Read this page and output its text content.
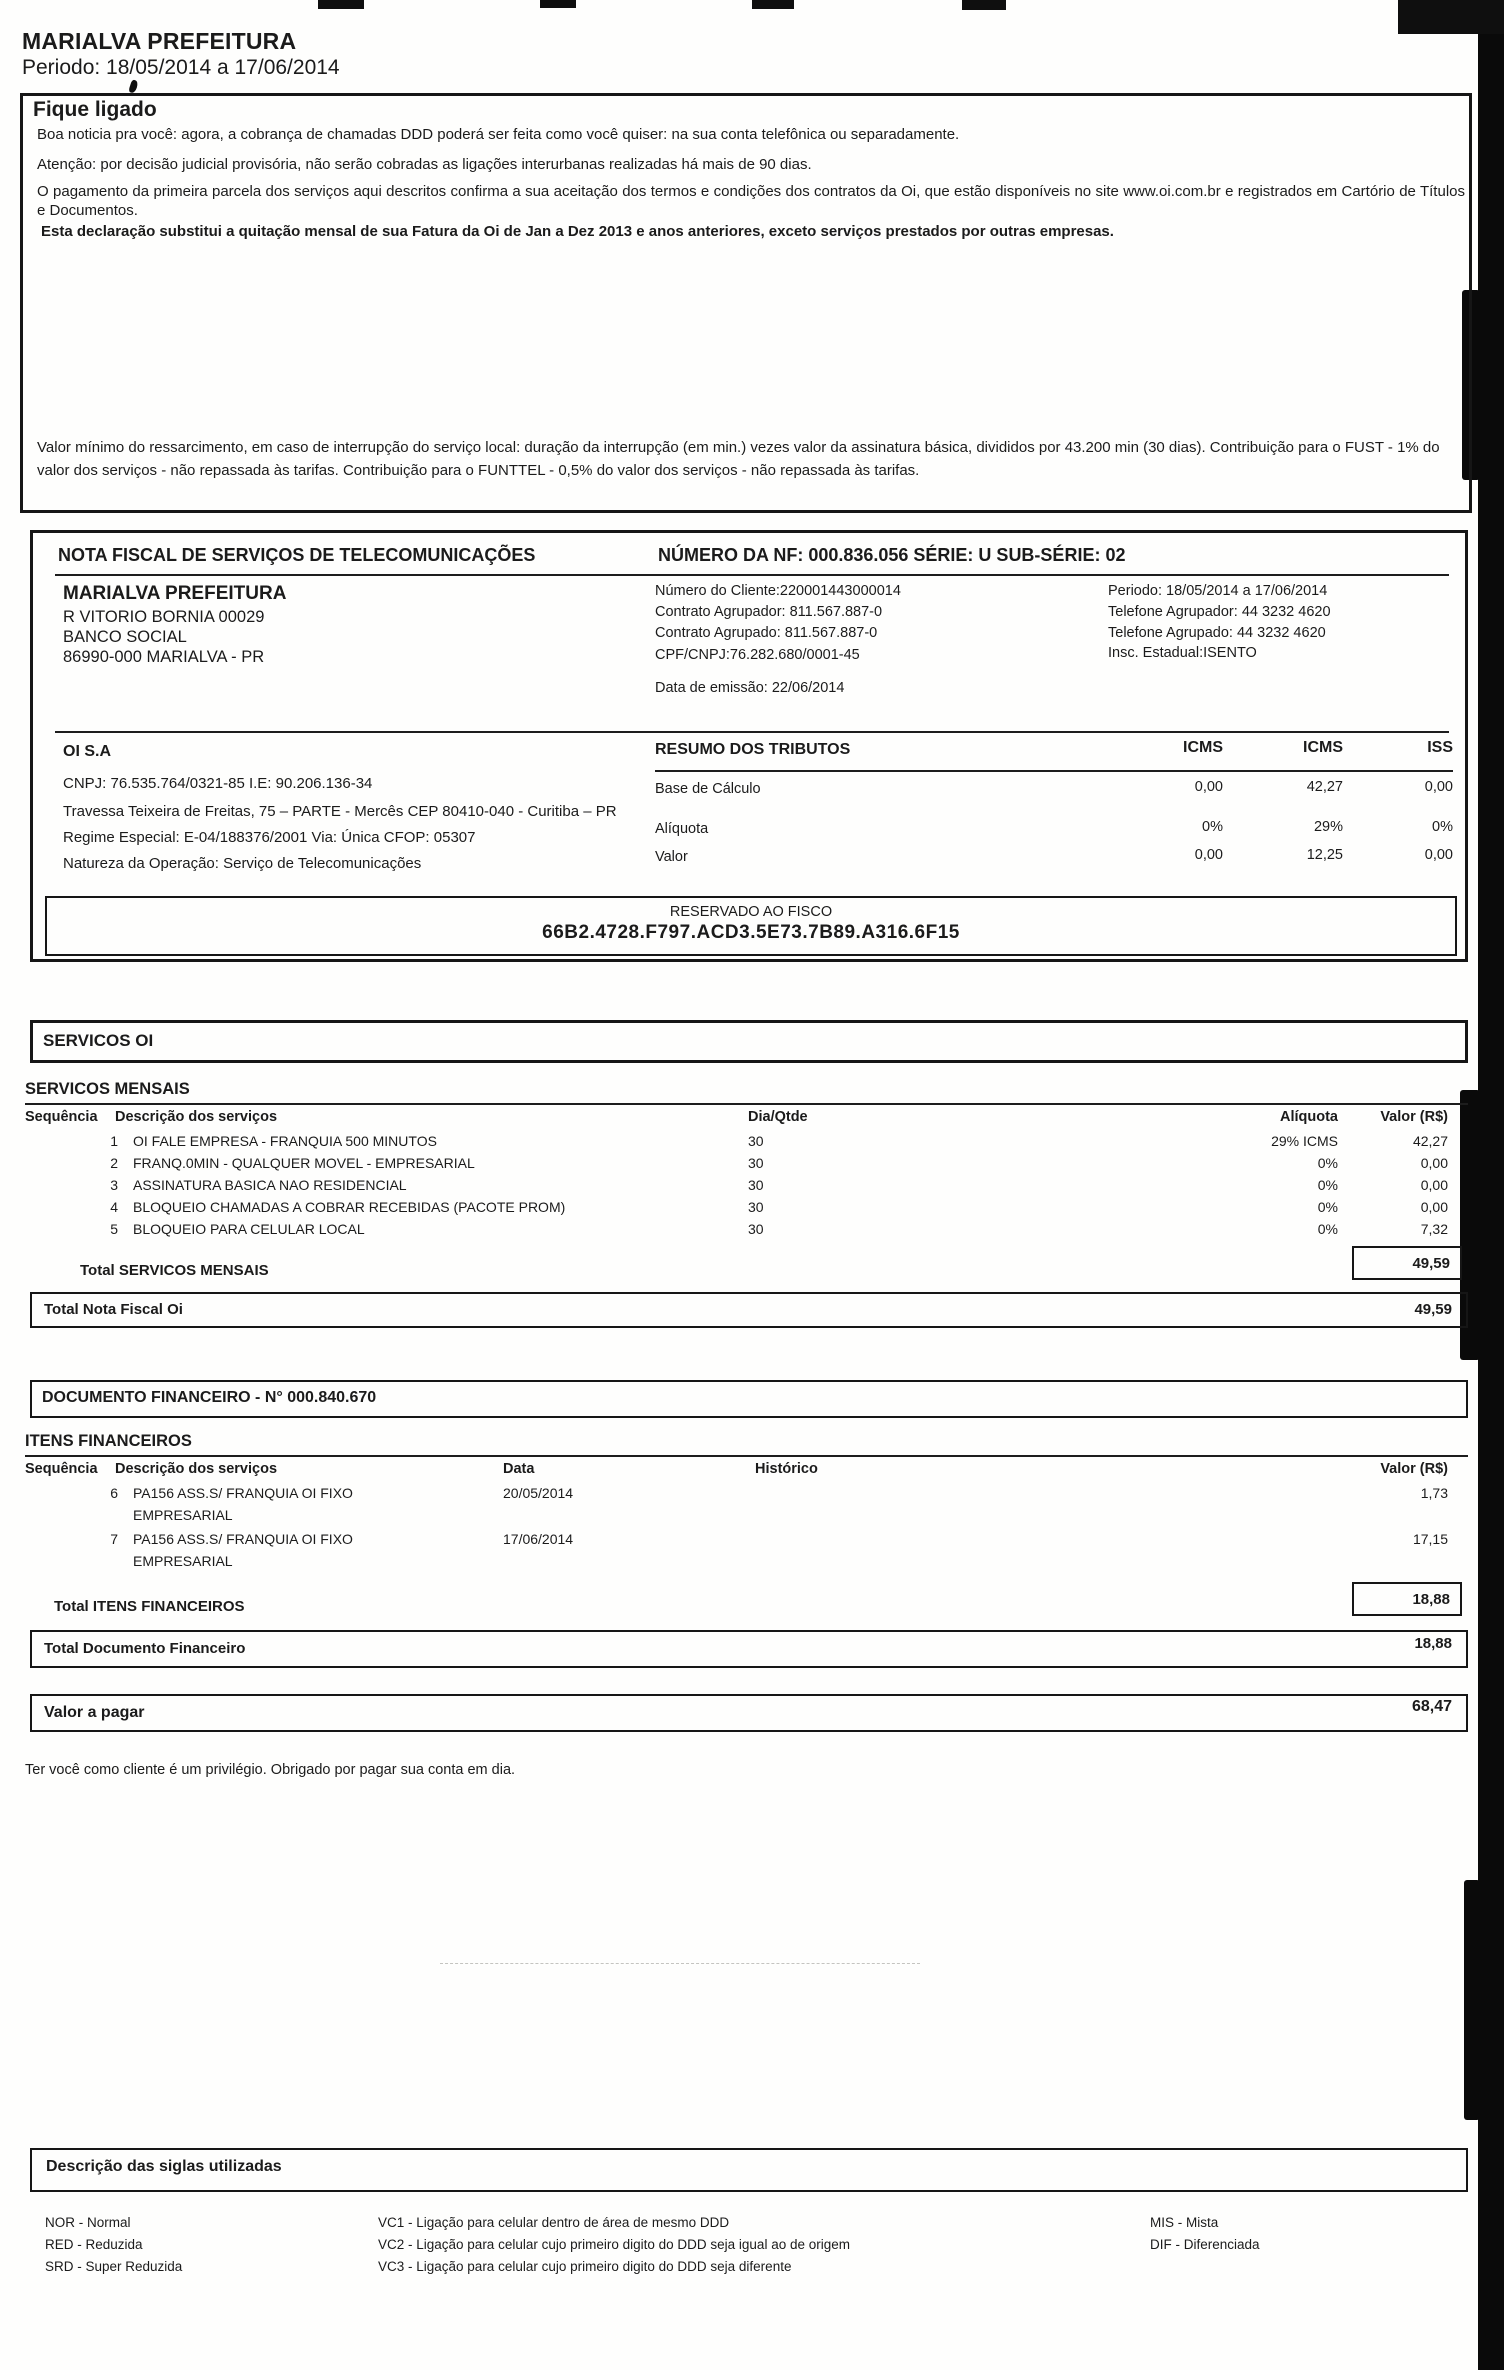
MARIALVA PREFEITURA
Periodo: 18/05/2014 a 17/06/2014
Fique ligado
Boa noticia pra você: agora, a cobrança de chamadas DDD poderá ser feita como você quiser: na sua conta telefônica ou separadamente.
Atenção: por decisão judicial provisória, não serão cobradas as ligações interurbanas realizadas há mais de 90 dias.
O pagamento da primeira parcela dos serviços aqui descritos confirma a sua aceitação dos termos e condições dos contratos da Oi, que estão disponíveis no site www.oi.com.br e registrados em Cartório de Títulos e Documentos.
Esta declaração substitui a quitação mensal de sua Fatura da Oi de Jan a Dez 2013 e anos anteriores, exceto serviços prestados por outras empresas.
Valor mínimo do ressarcimento, em caso de interrupção do serviço local: duração da interrupção (em min.) vezes valor da assinatura básica, divididos por 43.200 min (30 dias). Contribuição para o FUST - 1% do valor dos serviços - não repassada às tarifas. Contribuição para o FUNTTEL - 0,5% do valor dos serviços - não repassada às tarifas.
NOTA FISCAL DE SERVIÇOS DE TELECOMUNICAÇÕES	NÚMERO DA NF: 000.836.056 SÉRIE: U SUB-SÉRIE: 02
MARIALVA PREFEITURA
R VITORIO BORNIA 00029
BANCO SOCIAL
86990-000 MARIALVA - PR
Número do Cliente:220001443000014
Contrato Agrupador: 811.567.887-0
Contrato Agrupado: 811.567.887-0
CPF/CNPJ:76.282.680/0001-45
Data de emissão: 22/06/2014
Periodo: 18/05/2014 a 17/06/2014
Telefone Agrupador: 44 3232 4620
Telefone Agrupado: 44 3232 4620
Insc. Estadual:ISENTO
OI S.A
CNPJ: 76.535.764/0321-85 I.E: 90.206.136-34
Travessa Teixeira de Freitas, 75 – PARTE - Mercês CEP 80410-040 - Curitiba – PR
Regime Especial: E-04/188376/2001 Via: Única CFOP: 05307
Natureza da Operação: Serviço de Telecomunicações
RESUMO DOS TRIBUTOS	ICMS	ICMS	ISS
Base de Cálculo	0,00	42,27	0,00
Alíquota	0%	29%	0%
Valor	0,00	12,25	0,00
RESERVADO AO FISCO
66B2.4728.F797.ACD3.5E73.7B89.A316.6F15
SERVICOS OI
SERVICOS MENSAIS
Sequência Descrição dos serviços	Dia/Qtde	Alíquota	Valor (R$)
1 OI FALE EMPRESA - FRANQUIA 500 MINUTOS	30	29% ICMS	42,27
2 FRANQ.0MIN - QUALQUER MOVEL - EMPRESARIAL	30	0%	0,00
3 ASSINATURA BASICA NAO RESIDENCIAL	30	0%	0,00
4 BLOQUEIO CHAMADAS A COBRAR RECEBIDAS (PACOTE PROM)	30	0%	0,00
5 BLOQUEIO PARA CELULAR LOCAL	30	0%	7,32
Total SERVICOS MENSAIS	49,59
Total Nota Fiscal Oi	49,59
DOCUMENTO FINANCEIRO - N° 000.840.670
ITENS FINANCEIROS
Sequência Descrição dos serviços	Data	Histórico	Valor (R$)
6 PA156 ASS.S/ FRANQUIA OI FIXO
EMPRESARIAL
20/05/2014	1,73
7 PA156 ASS.S/ FRANQUIA OI FIXO
EMPRESARIAL
17/06/2014	17,15
Total ITENS FINANCEIROS	18,88
Total Documento Financeiro	18,88
Valor a pagar	68,47
Ter você como cliente é um privilégio. Obrigado por pagar sua conta em dia.
Descrição das siglas utilizadas
NOR - Normal
RED - Reduzida
SRD - Super Reduzida
VC1 - Ligação para celular dentro de área de mesmo DDD
VC2 - Ligação para celular cujo primeiro digito do DDD seja igual ao de origem
VC3 - Ligação para celular cujo primeiro digito do DDD seja diferente
MIS - Mista
DIF - Diferenciada
